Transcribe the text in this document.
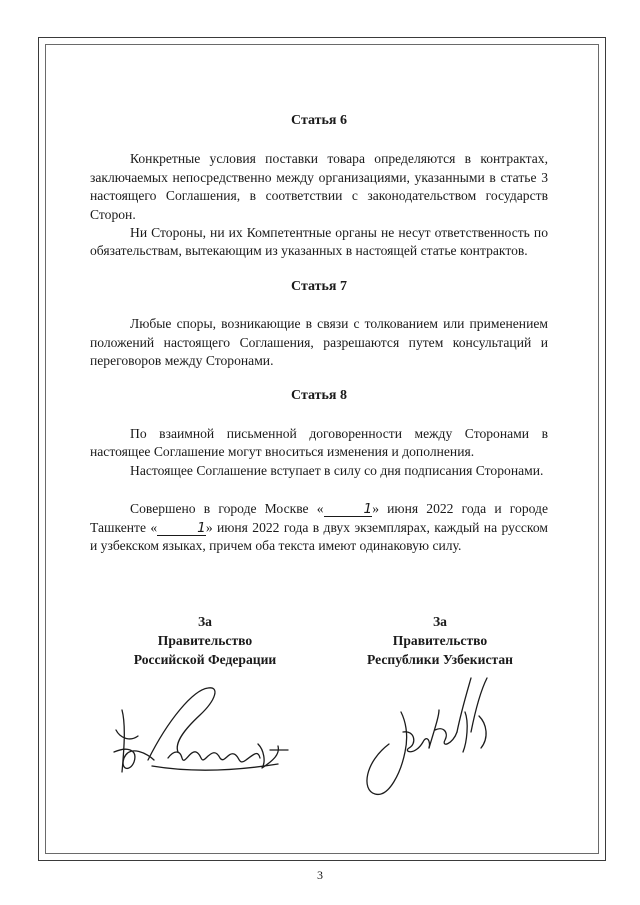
Статья 6

Конкретные условия поставки товара определяются в контрактах, заключаемых непосредственно между организациями, указанными в статье 3 настоящего Соглашения, в соответствии с законодательством государств Сторон.

Ни Стороны, ни их Компетентные органы не несут ответственность по обязательствам, вытекающим из указанных в настоящей статье контрактов.

Статья 7

Любые споры, возникающие в связи с толкованием или применением положений настоящего Соглашения, разрешаются путем консультаций и переговоров между Сторонами.

Статья 8

По взаимной письменной договоренности между Сторонами в настоящее Соглашение могут вноситься изменения и дополнения.

Настоящее Соглашение вступает в силу со дня подписания Сторонами.

Совершено в городе Москве «	1» июня 2022 года и городе Ташкенте «	1» июня 2022 года в двух экземплярах, каждый на русском и узбекском языках, причем оба текста имеют одинаковую силу.

За
Правительство
Российской Федерации
За
Правительство
Республики Узбекистан
3
